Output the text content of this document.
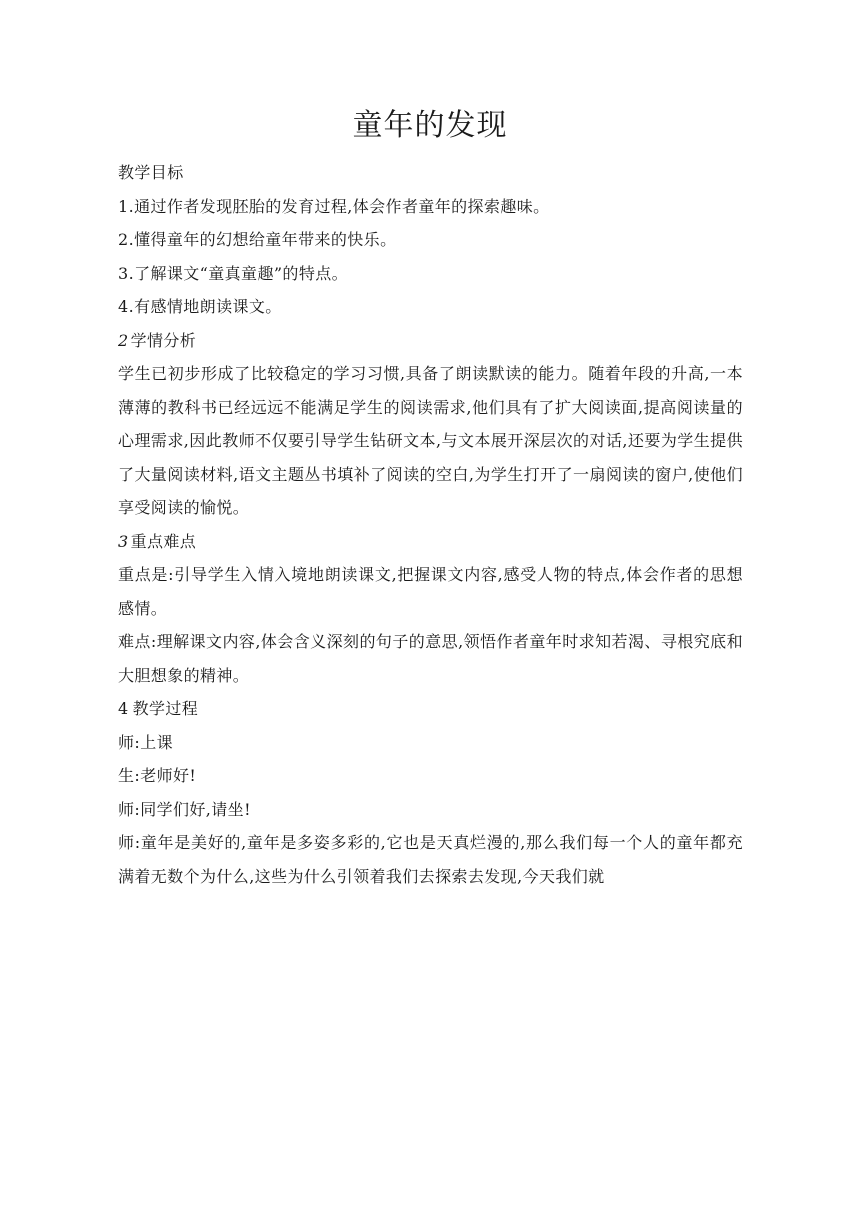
童年的发现

教学目标

1.通过作者发现胚胎的发育过程,体会作者童年的探索趣味。

2.懂得童年的幻想给童年带来的快乐。

3.了解课文“童真童趣”的特点。

4.有感情地朗读课文。

2 学情分析

学生已初步形成了比较稳定的学习习惯,具备了朗读默读的能力。随着年段的升高,一本薄薄的教科书已经远远不能满足学生的阅读需求,他们具有了扩大阅读面,提高阅读量的心理需求,因此教师不仅要引导学生钻研文本,与文本展开深层次的对话,还要为学生提供了大量阅读材料,语文主题丛书填补了阅读的空白,为学生打开了一扇阅读的窗户,使他们享受阅读的愉悦。

3 重点难点

重点是:引导学生入情入境地朗读课文,把握课文内容,感受人物的特点,体会作者的思想感情。

难点:理解课文内容,体会含义深刻的句子的意思,领悟作者童年时求知若渴、寻根究底和大胆想象的精神。

4 教学过程

师:上课

生:老师好!

师:同学们好,请坐!

师:童年是美好的,童年是多姿多彩的,它也是天真烂漫的,那么我们每一个人的童年都充满着无数个为什么,这些为什么引领着我们去探索去发现,今天我们就
